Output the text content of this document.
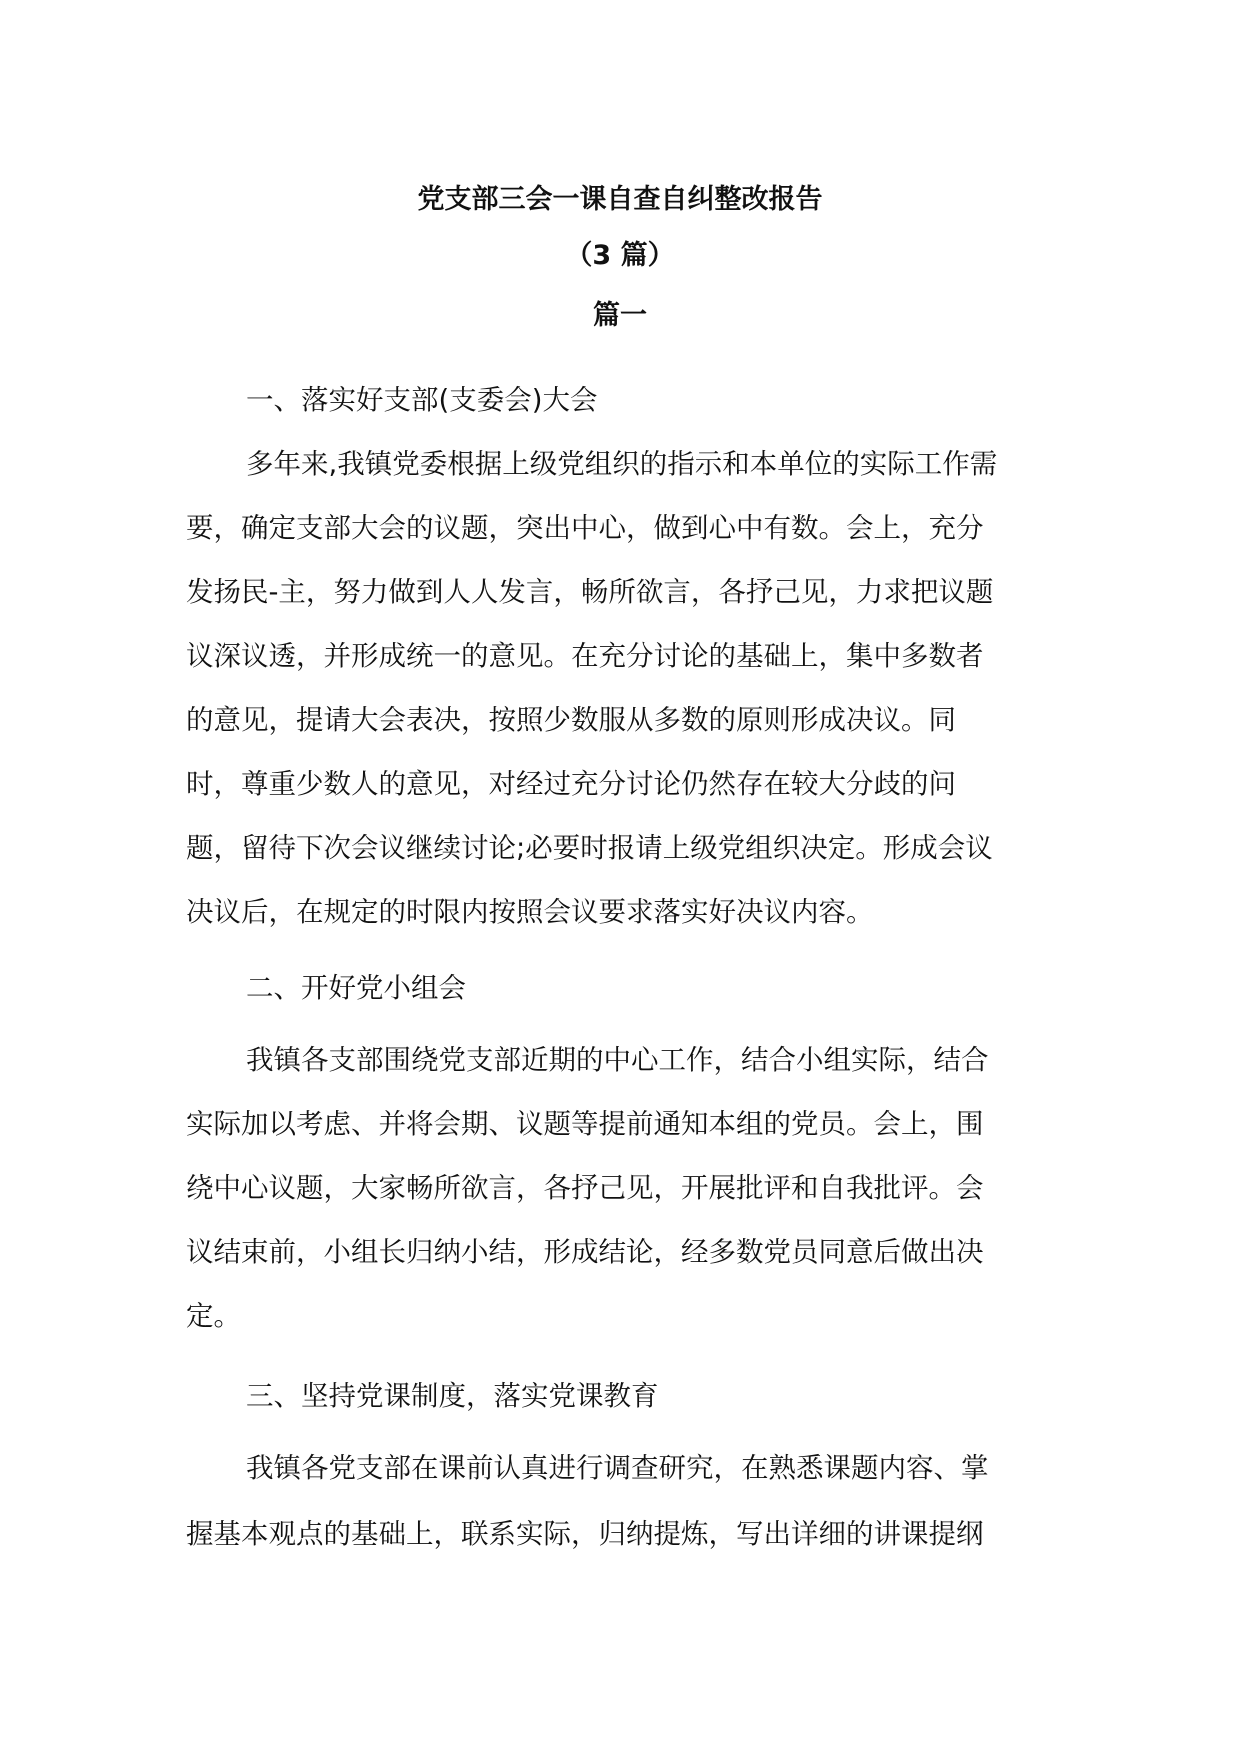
党支部三会一课自查自纠整改报告
（3 篇）
篇一
一、落实好支部(支委会)大会
多年来,我镇党委根据上级党组织的指示和本单位的实际工作需
要，确定支部大会的议题，突出中心，做到心中有数。会上，充分
发扬民-主，努力做到人人发言，畅所欲言，各抒己见，力求把议题
议深议透，并形成统一的意见。在充分讨论的基础上，集中多数者
的意见，提请大会表决，按照少数服从多数的原则形成决议。同
时，尊重少数人的意见，对经过充分讨论仍然存在较大分歧的问
题，留待下次会议继续讨论;必要时报请上级党组织决定。形成会议
决议后，在规定的时限内按照会议要求落实好决议内容。
二、开好党小组会
我镇各支部围绕党支部近期的中心工作，结合小组实际，结合
实际加以考虑、并将会期、议题等提前通知本组的党员。会上，围
绕中心议题，大家畅所欲言，各抒己见，开展批评和自我批评。会
议结束前，小组长归纳小结，形成结论，经多数党员同意后做出决
定。
三、坚持党课制度，落实党课教育
我镇各党支部在课前认真进行调查研究，在熟悉课题内容、掌
握基本观点的基础上，联系实际，归纳提炼，写出详细的讲课提纲
